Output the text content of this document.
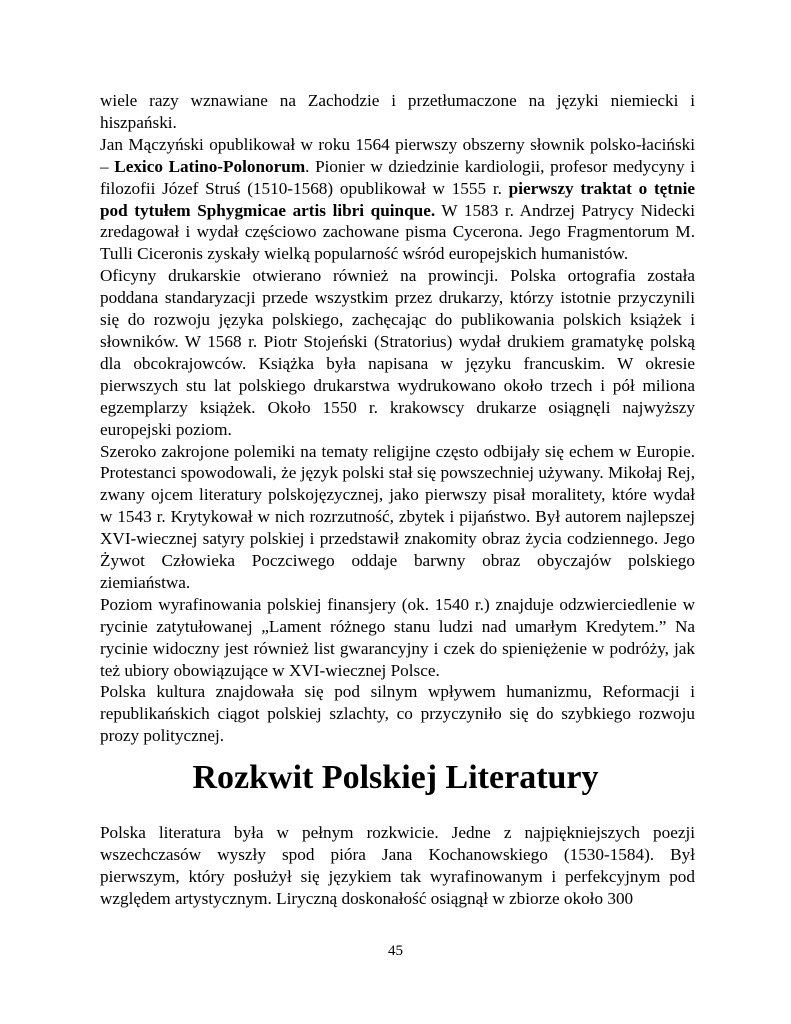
wiele razy wznawiane na Zachodzie i przetłumaczone na języki niemiecki i hiszpański.

Jan Mączyński opublikował w roku 1564 pierwszy obszerny słownik polsko-łaciński – Lexico Latino-Polonorum. Pionier w dziedzinie kardiologii, profesor medycyny i filozofii Józef Struś (1510-1568) opublikował w 1555 r. pierwszy traktat o tętnie pod tytułem Sphygmicae artis libri quinque. W 1583 r. Andrzej Patrycy Nidecki zredagował i wydał częściowo zachowane pisma Cycerona. Jego Fragmentorum M. Tulli Ciceronis zyskały wielką popularność wśród europejskich humanistów.

Oficyny drukarskie otwierano również na prowincji. Polska ortografia została poddana standaryzacji przede wszystkim przez drukarzy, którzy istotnie przyczynili się do rozwoju języka polskiego, zachęcając do publikowania polskich książek i słowników. W 1568 r. Piotr Stojeński (Stratorius) wydał drukiem gramatykę polską dla obcokrajowców. Książka była napisana w języku francuskim. W okresie pierwszych stu lat polskiego drukarstwa wydrukowano około trzech i pół miliona egzemplarzy książek. Około 1550 r. krakowscy drukarze osiągnęli najwyższy europejski poziom.

Szeroko zakrojone polemiki na tematy religijne często odbijały się echem w Europie. Protestanci spowodowali, że język polski stał się powszechniej używany. Mikołaj Rej, zwany ojcem literatury polskojęzycznej, jako pierwszy pisał moralitety, które wydał w 1543 r. Krytykował w nich rozrzutność, zbytek i pijaństwo. Był autorem najlepszej XVI-wiecznej satyry polskiej i przedstawił znakomity obraz życia codziennego. Jego Żywot Człowieka Poczciwego oddaje barwny obraz obyczajów polskiego ziemiaństwa.

Poziom wyrafinowania polskiej finansjery (ok. 1540 r.) znajduje odzwierciedlenie w rycinie zatytułowanej „Lament różnego stanu ludzi nad umarłym Kredytem.” Na rycinie widoczny jest również list gwarancyjny i czek do spieniężenie w podróży, jak też ubiory obowiązujące w XVI-wiecznej Polsce.

Polska kultura znajdowała się pod silnym wpływem humanizmu, Reformacji i republikańskich ciągot polskiej szlachty, co przyczyniło się do szybkiego rozwoju prozy politycznej.

Rozkwit Polskiej Literatury

Polska literatura była w pełnym rozkwicie. Jedne z najpiękniejszych poezji wszechczasów wyszły spod pióra Jana Kochanowskiego (1530-1584). Był pierwszym, który posłużył się językiem tak wyrafinowanym i perfekcyjnym pod względem artystycznym. Liryczną doskonałość osiągnął w zbiorze około 300

45
